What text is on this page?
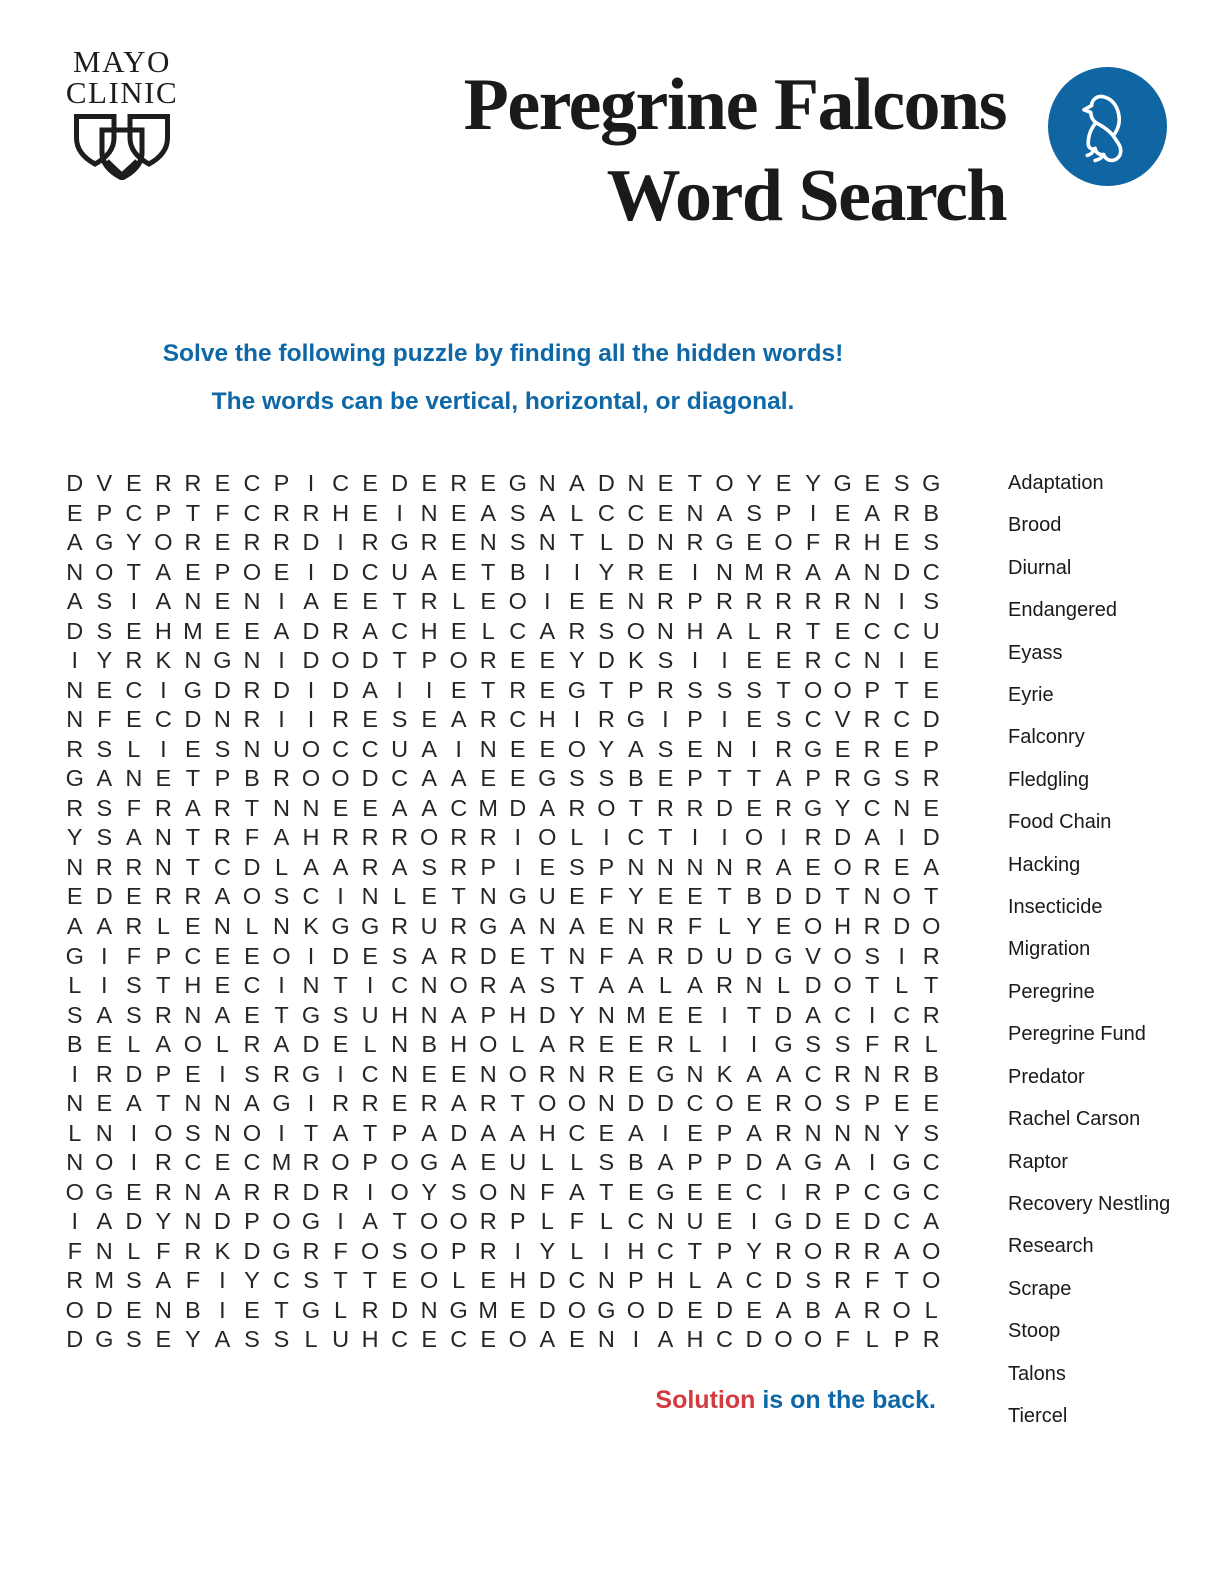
MAYO
CLINIC	Peregrine Falcons
Word Search

Solve the following puzzle by finding all the hidden words!

The words can be vertical, horizontal, or diagonal.

D V E R R E C P I C E D E R E G N A D N E T O Y E Y G E S G
E P C P T F C R R H E I N E A S A L C C E N A S P I E A R B
A G Y O R E R R D I R G R E N S N T L D N R G E O F R H E S
N O T A E P O E I D C U A E T B I I Y R E I N M R A A N D C
A S I A N E N I A E E T R L E O I E E N R P R R R R R N I S
D S E H M E E A D R A C H E L C A R S O N H A L R T E C C U
I Y R K N G N I D O D T P O R E E Y D K S I I E E R C N I E
N E C I G D R D I D A I I E T R E G T P R S S S T O O P T E
N F E C D N R I I R E S E A R C H I R G I P I E S C V R C D
R S L I E S N U O C C U A I N E E O Y A S E N I R G E R E P
G A N E T P B R O O D C A A E E G S S B E P T T A P R G S R
R S F R A R T N N E E A A C M D A R O T R R D E R G Y C N E
Y S A N T R F A H R R R O R R I O L I C T I I O I R D A I D
N R R N T C D L A A R A S R P I E S P N N N N R A E O R E A
E D E R R A O S C I N L E T N G U E F Y E E T B D D T N O T
A A R L E N L N K G G R U R G A N A E N R F L Y E O H R D O
G I F P C E E O I D E S A R D E T N F A R D U D G V O S I R
L I S T H E C I N T I C N O R A S T A A L A R N L D O T L T
S A S R N A E T G S U H N A P H D Y N M E E I T D A C I C R
B E L A O L R A D E L N B H O L A R E E R L I I G S S F R L
I R D P E I S R G I C N E E N O R N R E G N K A A C R N R B
N E A T N N A G I R R E R A R T O O N D D C O E R O S P E E
L N I O S N O I T A T P A D A A H C E A I E P A R N N N Y S
N O I R C E C M R O P O G A E U L L S B A P P D A G A I G C
O G E R N A R R D R I O Y S O N F A T E G E E C I R P C G C
I A D Y N D P O G I A T O O R P L F L C N U E I G D E D C A
F N L F R K D G R F O S O P R I Y L I H C T P Y R O R R A O
R M S A F I Y C S T T E O L E H D C N P H L A C D S R F T O
O D E N B I E T G L R D N G M E D O G O D E D E A B A R O L
D G S E Y A S S L U H C E C E O A E N I A H C D O O F L P R
Adaptation
Brood
Diurnal
Endangered
Eyass
Eyrie
Falconry
Fledgling
Food Chain
Hacking
Insecticide
Migration
Peregrine
Peregrine Fund
Predator
Rachel Carson
Raptor
Recovery Nestling
Research
Scrape
Stoop
Talons
Tiercel

Solution is on the back.
